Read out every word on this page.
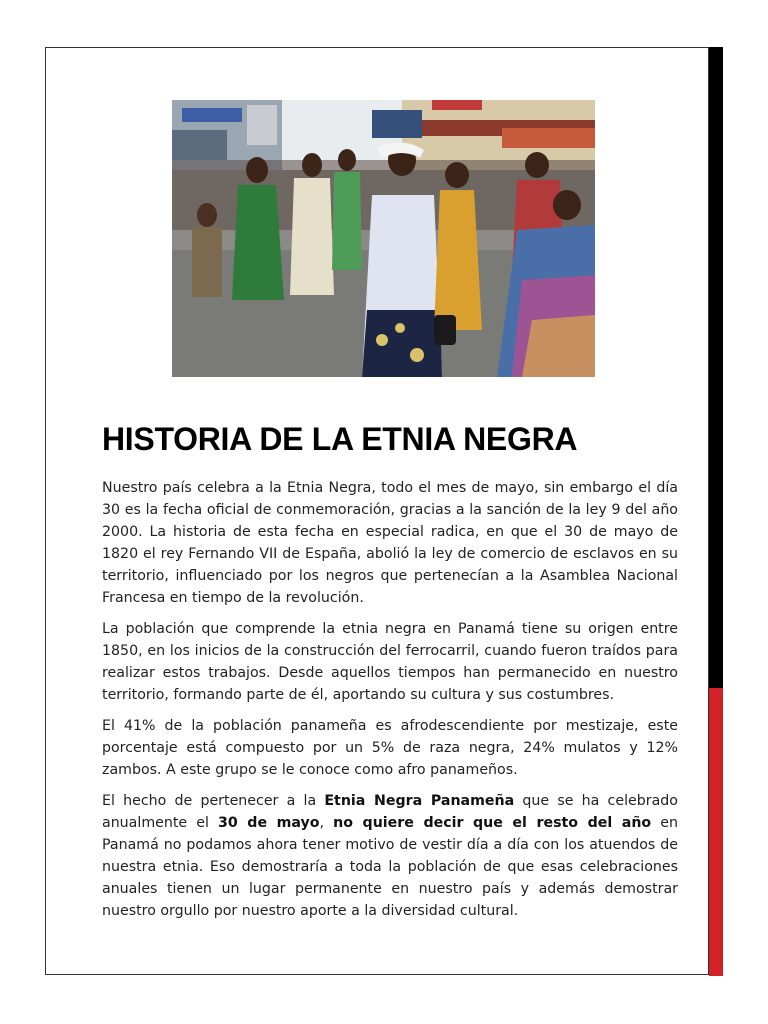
HISTORIA DE LA ETNIA NEGRA

Nuestro país celebra a la Etnia Negra, todo el mes de mayo, sin embargo el día 30 es la fecha oficial de conmemoración, gracias a la sanción de la ley 9 del año 2000. La historia de esta fecha en especial radica, en que el 30 de mayo de 1820 el rey Fernando VII de España, abolió la ley de comercio de esclavos en su territorio, influenciado por los negros que pertenecían a la Asamblea Nacional Francesa en tiempo de la revolución.

La población que comprende la etnia negra en Panamá tiene su origen entre 1850, en los inicios de la construcción del ferrocarril, cuando fueron traídos para realizar estos trabajos. Desde aquellos tiempos han permanecido en nuestro territorio, formando parte de él, aportando su cultura y sus costumbres.

El 41% de la población panameña es afrodescendiente por mestizaje, este porcentaje está compuesto por un 5% de raza negra, 24% mulatos y 12% zambos. A este grupo se le conoce como afro panameños.

El hecho de pertenecer a la Etnia Negra Panameña que se ha celebrado anualmente el 30 de mayo, no quiere decir que el resto del año en Panamá no podamos ahora tener motivo de vestir día a día con los atuendos de nuestra etnia. Eso demostraría a toda la población de que esas celebraciones anuales tienen un lugar permanente en nuestro país y además demostrar nuestro orgullo por nuestro aporte a la diversidad cultural.
